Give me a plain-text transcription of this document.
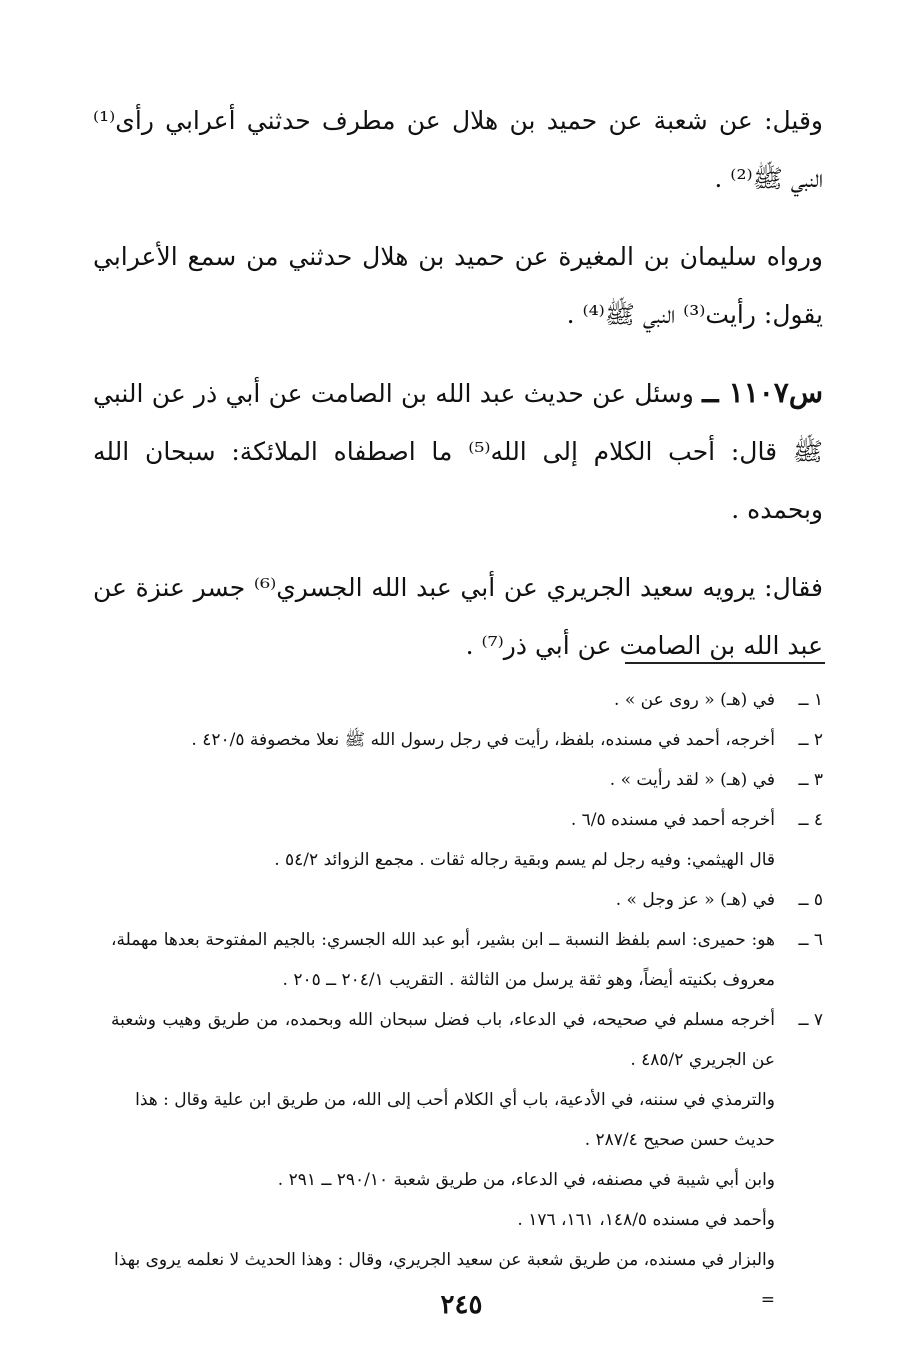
وقيل: عن شعبة عن حميد بن هلال عن مطرف حدثني أعرابي رأى⁽¹⁾ النبي ﷺ⁽²⁾ .

ورواه سليمان بن المغيرة عن حميد بن هلال حدثني من سمع الأعرابي يقول: رأيت⁽³⁾ النبي ﷺ⁽⁴⁾ .

س١١٠٧ ــ وسئل عن حديث عبد الله بن الصامت عن أبي ذر عن النبي ﷺ قال: أحب الكلام إلى الله⁽⁵⁾ ما اصطفاه الملائكة: سبحان الله وبحمده .

فقال: يرويه سعيد الجريري عن أبي عبد الله الجسري⁽⁶⁾ جسر عنزة عن عبد الله بن الصامت عن أبي ذر⁽⁷⁾ .

١ ــ
في (هـ) « روى عن » .
٢ ــ
أخرجه، أحمد في مسنده، بلفظ، رأيت في رجل رسول الله ﷺ نعلا مخصوفة ٤٢٠/٥ .
٣ ــ
في (هـ) « لقد رأيت » .
٤ ــ
أخرجه أحمد في مسنده ٦/٥ .
قال الهيثمي: وفيه رجل لم يسم وبقية رجاله ثقات . مجمع الزوائد ٥٤/٢ .
٥ ــ
في (هـ) « عز وجل » .
٦ ــ
هو: حميرى: اسم بلفظ النسبة ــ ابن بشير، أبو عبد الله الجسري: بالجيم المفتوحة بعدها مهملة، معروف بكنيته أيضاً، وهو ثقة يرسل من الثالثة . التقريب ٢٠٤/١ ــ ٢٠٥ .
٧ ــ
أخرجه مسلم في صحيحه، في الدعاء، باب فضل سبحان الله وبحمده، من طريق وهيب وشعبة عن الجريري ٤٨٥/٢ .
والترمذي في سننه، في الأدعية، باب أي الكلام أحب إلى الله، من طريق ابن علية وقال : هذا حديث حسن صحيح ٢٨٧/٤ .
وابن أبي شيبة في مصنفه، في الدعاء، من طريق شعبة ٢٩٠/١٠ ــ ٢٩١ .
وأحمد في مسنده ١٤٨/٥، ١٦١، ١٧٦ .
والبزار في مسنده، من طريق شعبة عن سعيد الجريري، وقال : وهذا الحديث لا نعلمه يروى بهذا =
٢٤٥
